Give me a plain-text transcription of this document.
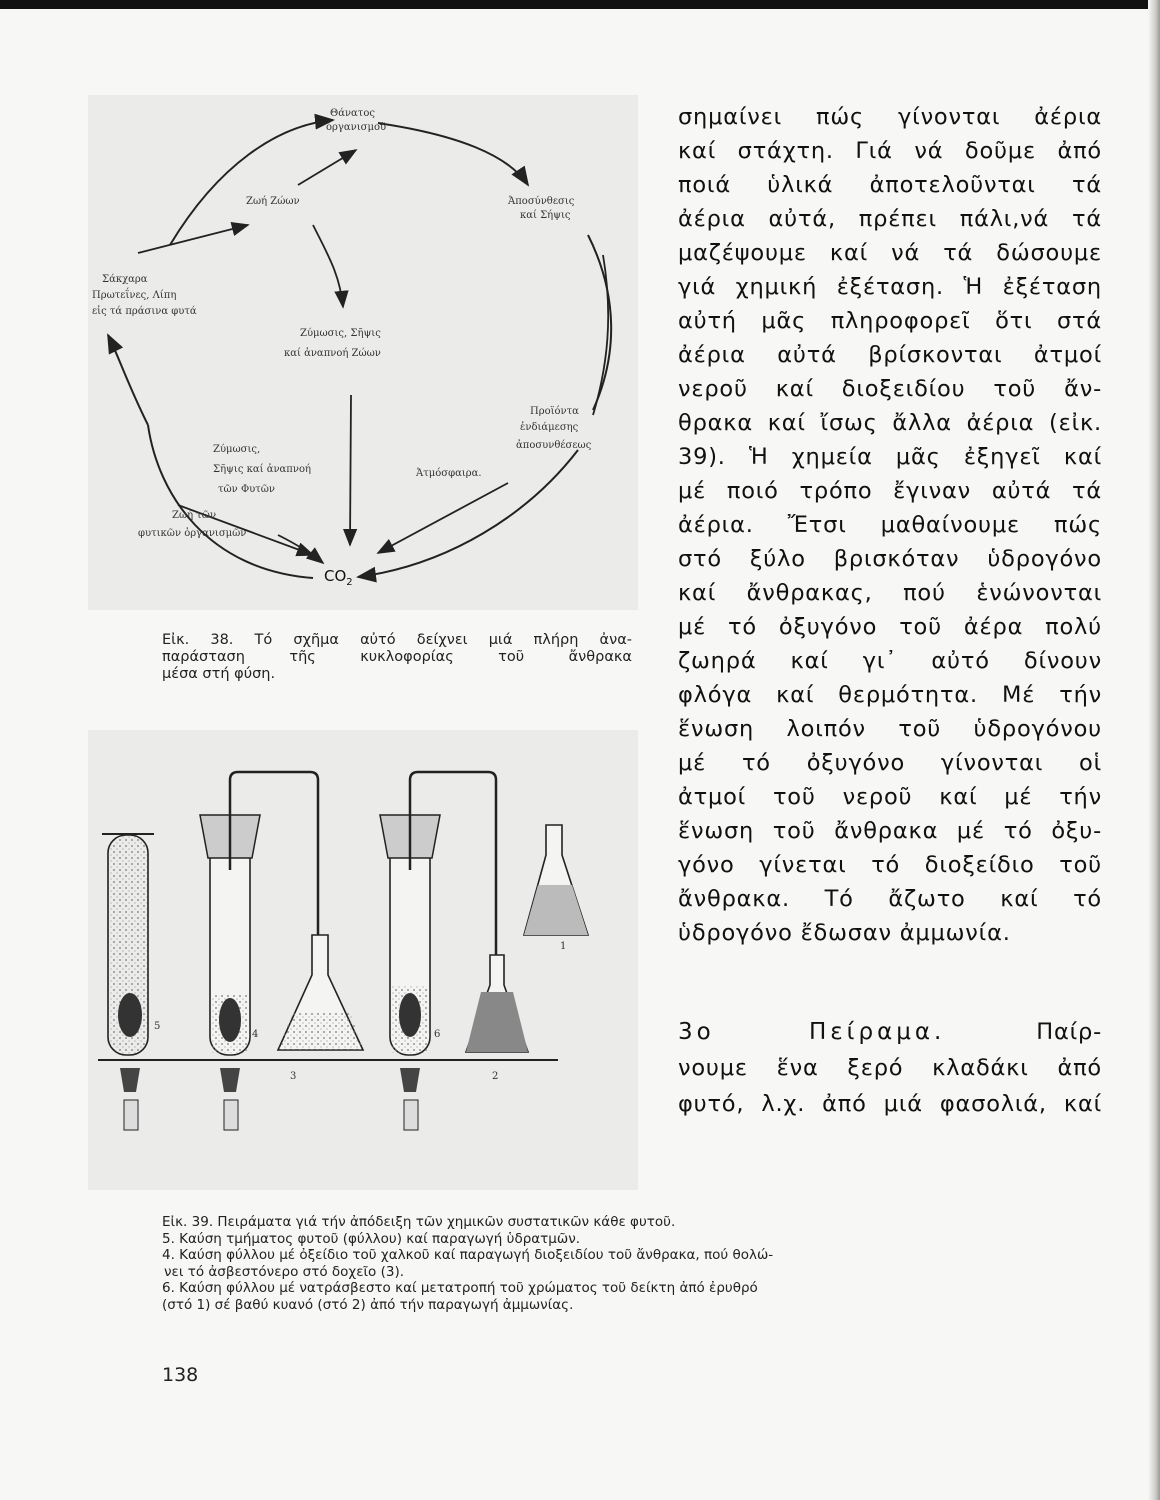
Θάνατος
ὀργανισμοῦ
Ζωή Ζώων	Ἀποσύνθεσις
καί Σήψις
Σάκχαρα
Πρωτεΐνες, Λίπη
εἰς τά πράσινα φυτά
Ζύμωσις, Σῆψις
καί ἀναπνοή Ζώων
Προϊόντα
ἐνδιάμεσης
ἀποσυνθέσεως
Ζύμωσις,
Σῆψις καί ἀναπνοή
τῶν Φυτῶν
Ἀτμόσφαιρα.
Ζωή τῶν
φυτικῶν ὀργανισμῶν
$CO_2$
Εἰκ. 38. Τό σχῆμα αὐτό δείχνει μιά πλήρη ἀνα-
παράσταση τῆς κυκλοφορίας τοῦ ἄνθρακα
μέσα στή φύση.
5
4
3
6
2
1
σημαίνει πώς γίνονται ἀέρια
καί στάχτη. Γιά νά δοῦμε ἀπό
ποιά ὑλικά ἀποτελοῦνται τά
ἀέρια αὐτά, πρέπει πάλι,νά τά
μαζέψουμε καί νά τά δώσουμε
γιά χημική ἐξέταση. Ἡ ἐξέταση
αὐτή μᾶς πληροφορεῖ ὅτι στά
ἀέρια αὐτά βρίσκονται ἀτμοί
νεροῦ καί διοξειδίου τοῦ ἄν-
θρακα καί ἴσως ἄλλα ἀέρια (εἰκ.
39). Ἡ χημεία μᾶς ἐξηγεῖ καί
μέ ποιό τρόπο ἔγιναν αὐτά τά
ἀέρια. Ἔτσι μαθαίνουμε πώς
στό ξύλο βρισκόταν ὑδρογόνο
καί ἄνθρακας, πού ἑνώνονται
μέ τό ὀξυγόνο τοῦ ἀέρα πολύ
ζωηρά καί γι᾽ αὐτό δίνουν
φλόγα καί θερμότητα. Μέ τήν
ἕνωση λοιπόν τοῦ ὑδρογόνου
μέ τό ὀξυγόνο γίνονται οἱ
ἀτμοί τοῦ νεροῦ καί μέ τήν
ἕνωση τοῦ ἄνθρακα μέ τό ὀξυ-
γόνο γίνεται τό διοξείδιο τοῦ
ἄνθρακα. Τό ἄζωτο καί τό
ὑδρογόνο ἔδωσαν ἀμμωνία.
3ο Πείραμα.	Παίρ-
νουμε ἕνα ξερό κλαδάκι ἀπό
φυτό, λ.χ. ἀπό μιά φασολιά, καί
Εἰκ. 39. Πειράματα γιά τήν ἀπόδειξη τῶν χημικῶν συστατικῶν κάθε φυτοῦ.
5. Καύση τμήματος φυτοῦ (φύλλου) καί παραγωγή ὑδρατμῶν.
4. Καύση φύλλου μέ ὀξείδιο τοῦ χαλκοῦ καί παραγωγή διοξειδίου τοῦ ἄνθρακα, πού θολώ-
νει τό ἀσβεστόνερο στό δοχεῖο (3).
6. Καύση φύλλου μέ νατράσβεστο καί μετατροπή τοῦ χρώματος τοῦ δείκτη ἀπό ἐρυθρό
(στό 1) σέ βαθύ κυανό (στό 2) ἀπό τήν παραγωγή ἀμμωνίας.
138
